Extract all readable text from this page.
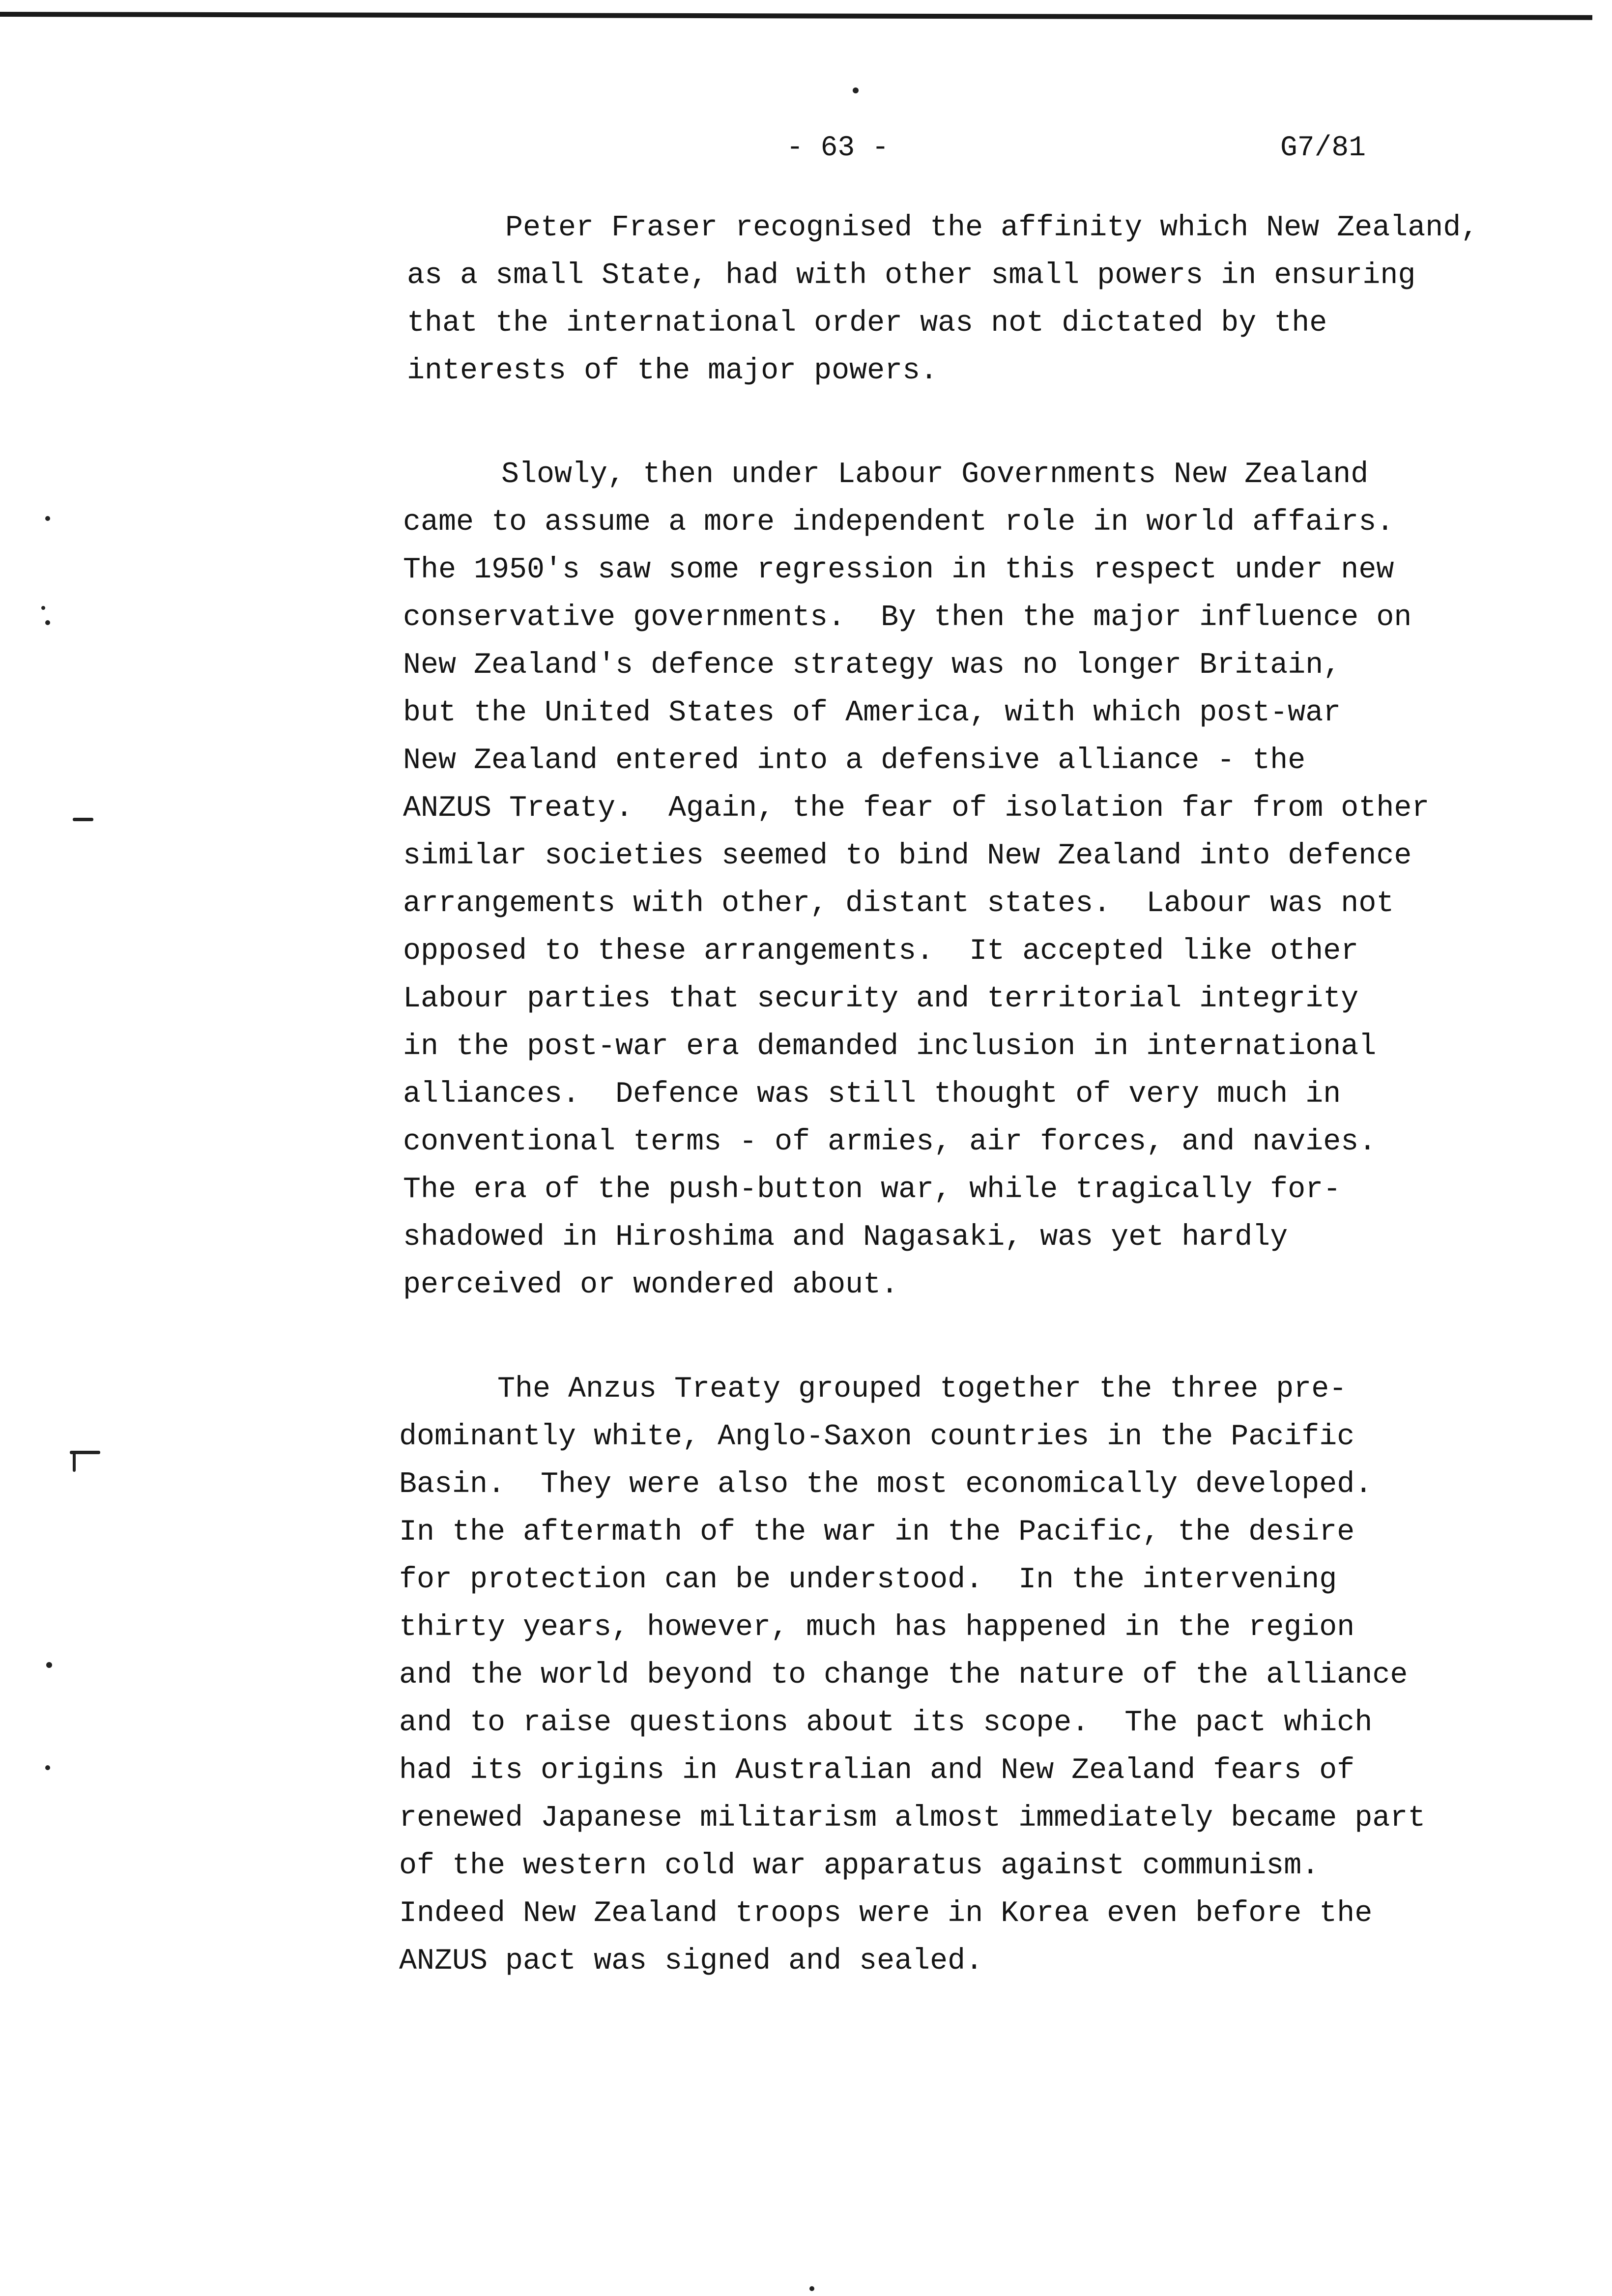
- 63 -	G7/81

Peter Fraser recognised the affinity which New Zealand,
as a small State, had with other small powers in ensuring
that the international order was not dictated by the
interests of the major powers.

Slowly, then under Labour Governments New Zealand
came to assume a more independent role in world affairs.
The 1950's saw some regression in this respect under new
conservative governments.  By then the major influence on
New Zealand's defence strategy was no longer Britain,
but the United States of America, with which post-war
New Zealand entered into a defensive alliance - the
ANZUS Treaty.  Again, the fear of isolation far from other
similar societies seemed to bind New Zealand into defence
arrangements with other, distant states.  Labour was not
opposed to these arrangements.  It accepted like other
Labour parties that security and territorial integrity
in the post-war era demanded inclusion in international
alliances.  Defence was still thought of very much in
conventional terms - of armies, air forces, and navies.
The era of the push-button war, while tragically for-
shadowed in Hiroshima and Nagasaki, was yet hardly
perceived or wondered about.

The Anzus Treaty grouped together the three pre-
dominantly white, Anglo-Saxon countries in the Pacific
Basin.  They were also the most economically developed.
In the aftermath of the war in the Pacific, the desire
for protection can be understood.  In the intervening
thirty years, however, much has happened in the region
and the world beyond to change the nature of the alliance
and to raise questions about its scope.  The pact which
had its origins in Australian and New Zealand fears of
renewed Japanese militarism almost immediately became part
of the western cold war apparatus against communism.
Indeed New Zealand troops were in Korea even before the
ANZUS pact was signed and sealed.
